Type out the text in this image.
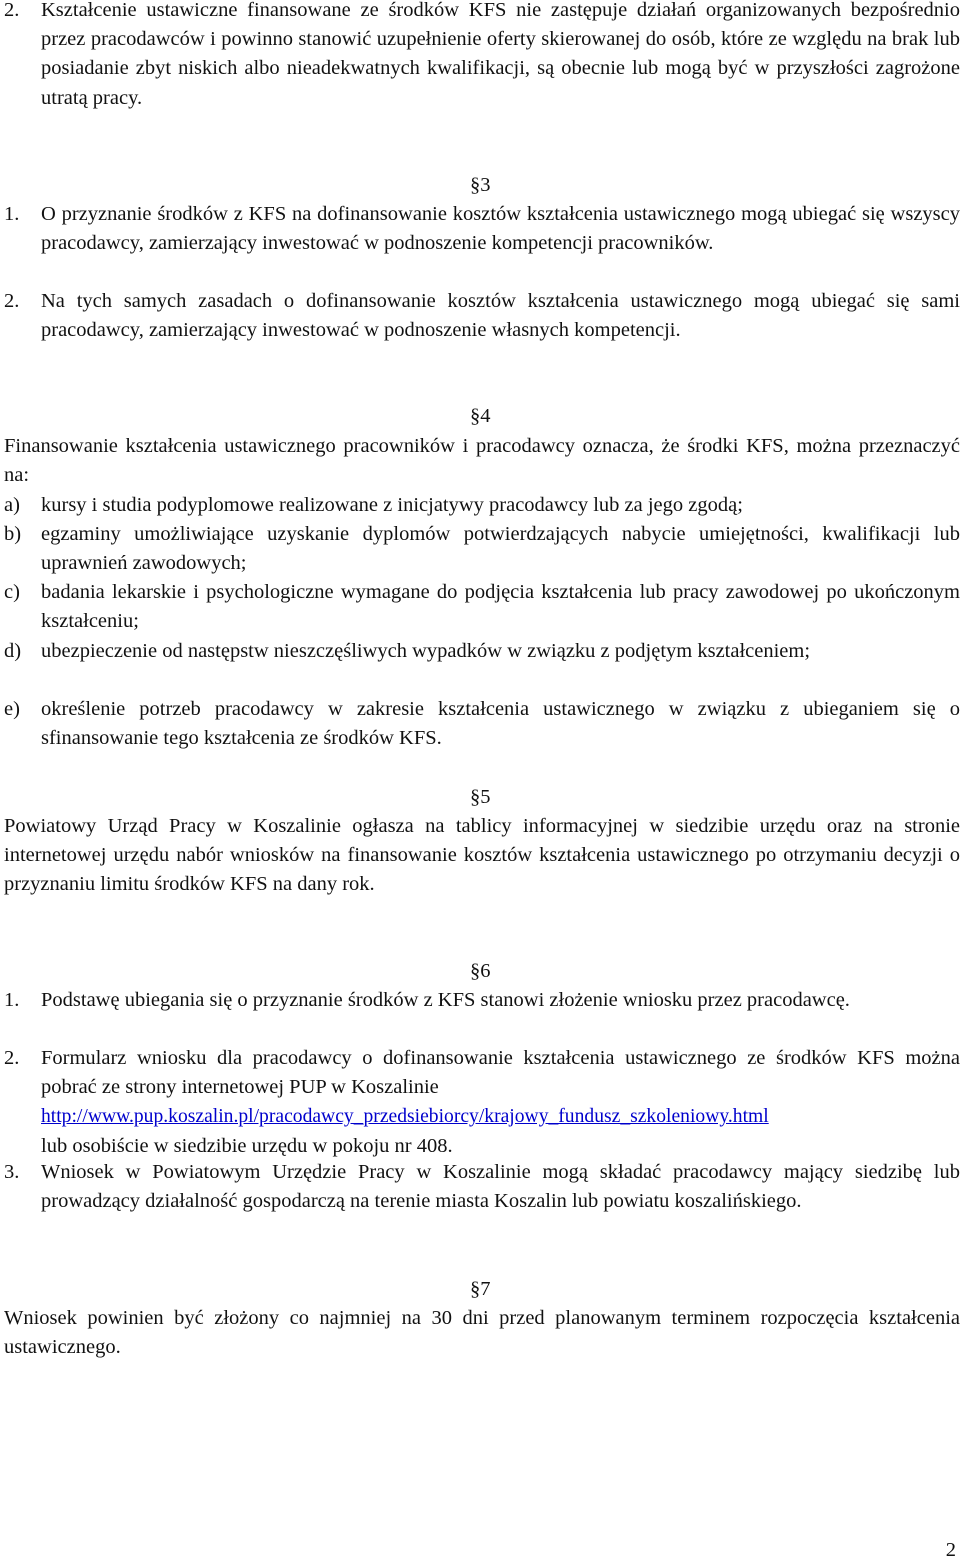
2. Kształcenie ustawiczne finansowane ze środków KFS nie zastępuje działań organizowanych bezpośrednio przez pracodawców i powinno stanowić uzupełnienie oferty skierowanej do osób, które ze względu na brak lub posiadanie zbyt niskich albo nieadekwatnych kwalifikacji, są obecnie lub mogą być w przyszłości zagrożone utratą pracy.
§3
1. O przyznanie środków z KFS na dofinansowanie kosztów kształcenia ustawicznego mogą ubiegać się wszyscy pracodawcy, zamierzający inwestować w podnoszenie kompetencji pracowników.
2. Na tych samych zasadach o dofinansowanie kosztów kształcenia ustawicznego mogą ubiegać się sami pracodawcy, zamierzający inwestować w podnoszenie własnych kompetencji.
§4
Finansowanie kształcenia ustawicznego pracowników i pracodawcy oznacza, że środki KFS, można przeznaczyć na:
a) kursy i studia podyplomowe realizowane z inicjatywy pracodawcy lub za jego zgodą;
b) egzaminy umożliwiające uzyskanie dyplomów potwierdzających nabycie umiejętności, kwalifikacji lub uprawnień zawodowych;
c) badania lekarskie i psychologiczne wymagane do podjęcia kształcenia lub pracy zawodowej po ukończonym kształceniu;
d) ubezpieczenie od następstw nieszczęśliwych wypadków w związku z podjętym kształceniem;
e) określenie potrzeb pracodawcy w zakresie kształcenia ustawicznego w związku z ubieganiem się o sfinansowanie tego kształcenia ze środków KFS.
§5
Powiatowy Urząd Pracy w Koszalinie ogłasza na tablicy informacyjnej w siedzibie urzędu oraz na stronie internetowej urzędu nabór wniosków na finansowanie kosztów kształcenia ustawicznego po otrzymaniu decyzji o przyznaniu limitu środków KFS na dany rok.
§6
1. Podstawę ubiegania się o przyznanie środków z KFS stanowi złożenie wniosku przez pracodawcę.
2. Formularz wniosku dla pracodawcy o dofinansowanie kształcenia ustawicznego ze środków KFS można pobrać ze strony internetowej PUP w Koszalinie
http://www.pup.koszalin.pl/pracodawcy_przedsiebiorcy/krajowy_fundusz_szkoleniowy.html
lub osobiście w siedzibie urzędu w pokoju nr 408.
3. Wniosek w Powiatowym Urzędzie Pracy w Koszalinie mogą składać pracodawcy mający siedzibę lub prowadzący działalność gospodarczą na terenie miasta Koszalin lub powiatu koszalińskiego.
§7
Wniosek powinien być złożony co najmniej na 30 dni przed planowanym terminem rozpoczęcia kształcenia ustawicznego.
2
